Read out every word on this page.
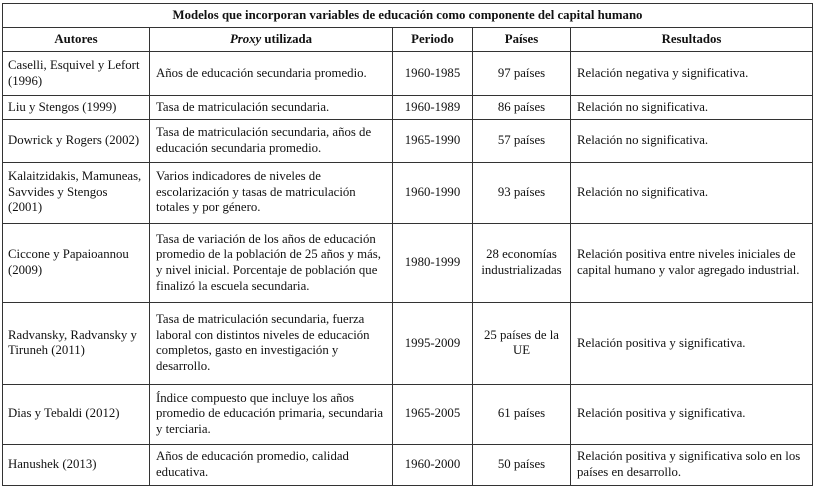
Modelos que incorporan variables de educación como componente del capital humano				
Autores	Proxy utilizada	Periodo	Países	Resultados
Caselli, Esquivel y Lefort (1996)	Años de educación secundaria promedio.	1960-1985	97 países	Relación negativa y significativa.
Liu y Stengos (1999)	Tasa de matriculación secundaria.	1960-1989	86 países	Relación no significativa.
Dowrick y Rogers (2002)	Tasa de matriculación secundaria, años de educación secundaria promedio.	1965-1990	57 países	Relación no significativa.
Kalaitzidakis, Mamuneas, Savvides y Stengos (2001)	Varios indicadores de niveles de escolarización y tasas de matriculación totales y por género.	1960-1990	93 países	Relación no significativa.
Ciccone y Papaioannou (2009)	Tasa de variación de los años de educación promedio de la población de 25 años y más, y nivel inicial. Porcentaje de población que finalizó la escuela secundaria.	1980-1999	28 economías industrializadas	Relación positiva entre niveles iniciales de capital humano y valor agregado industrial.
Radvansky, Radvansky y Tiruneh (2011)	Tasa de matriculación secundaria, fuerza laboral con distintos niveles de educación completos, gasto en investigación y desarrollo.	1995-2009	25 países de la UE	Relación positiva y significativa.
Dias y Tebaldi (2012)	Índice compuesto que incluye los años promedio de educación primaria, secundaria y terciaria.	1965-2005	61 países	Relación positiva y significativa.
Hanushek (2013)	Años de educación promedio, calidad educativa.	1960-2000	50 países	Relación positiva y significativa solo en los países en desarrollo.
